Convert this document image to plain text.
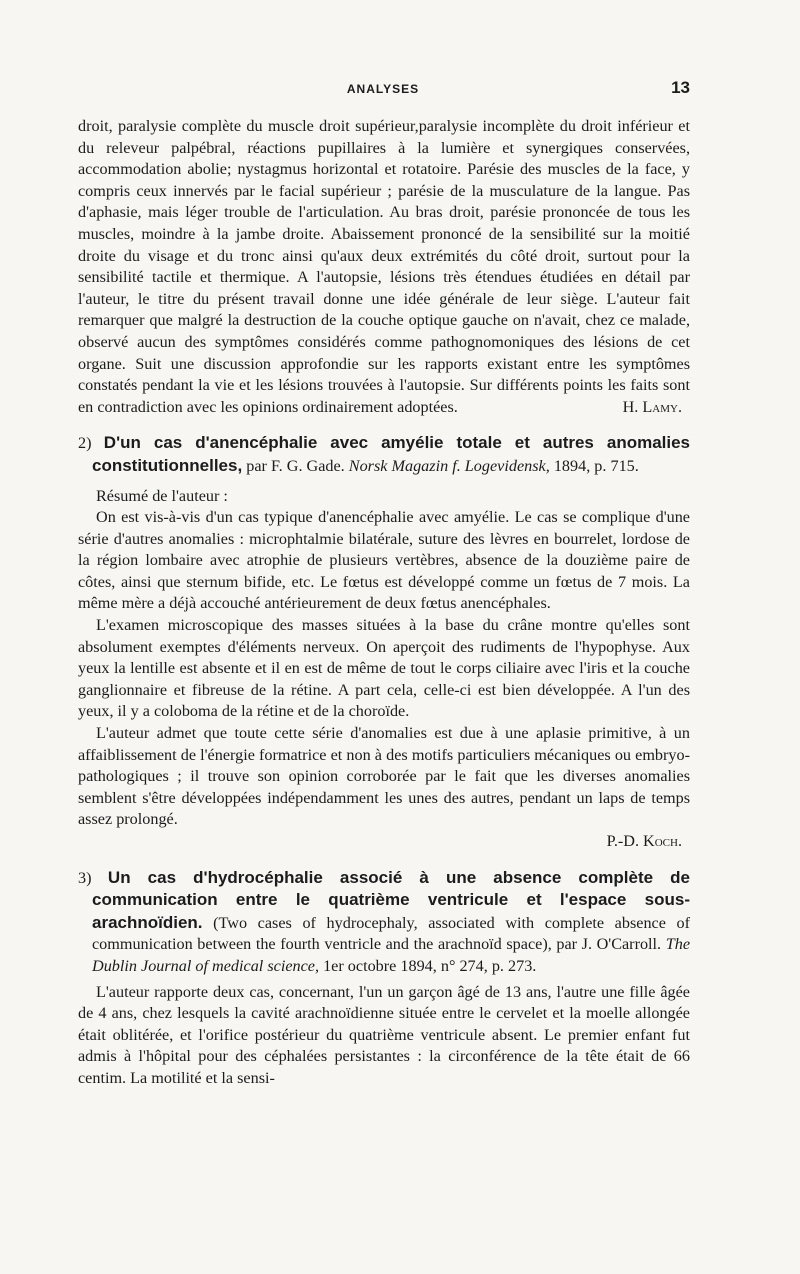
ANALYSES	13

droit, paralysie complète du muscle droit supérieur,paralysie incomplète du droit inférieur et du releveur palpébral, réactions pupillaires à la lumière et synergiques conservées, accommodation abolie; nystagmus horizontal et rotatoire. Parésie des muscles de la face, y compris ceux innervés par le facial supérieur ; parésie de la musculature de la langue. Pas d'aphasie, mais léger trouble de l'articulation. Au bras droit, parésie prononcée de tous les muscles, moindre à la jambe droite. Abaissement prononcé de la sensibilité sur la moitié droite du visage et du tronc ainsi qu'aux deux extrémités du côté droit, surtout pour la sensibilité tactile et thermique. A l'autopsie, lésions très étendues étudiées en détail par l'auteur, le titre du présent travail donne une idée générale de leur siège. L'auteur fait remarquer que malgré la destruction de la couche optique gauche on n'avait, chez ce malade, observé aucun des symptômes considérés comme pathognomoniques des lésions de cet organe. Suit une discussion approfondie sur les rapports existant entre les symptômes constatés pendant la vie et les lésions trouvées à l'autopsie. Sur différents points les faits sont en contradiction avec les opinions ordinairement adoptées.	H. Lamy.

2) D'un cas d'anencéphalie avec amyélie totale et autres anomalies constitutionnelles, par F. G. Gade. Norsk Magazin f. Logevidensk, 1894, p. 715.

Résumé de l'auteur :

On est vis-à-vis d'un cas typique d'anencéphalie avec amyélie. Le cas se complique d'une série d'autres anomalies : microphtalmie bilatérale, suture des lèvres en bourrelet, lordose de la région lombaire avec atrophie de plusieurs vertèbres, absence de la douzième paire de côtes, ainsi que sternum bifide, etc. Le fœtus est développé comme un fœtus de 7 mois. La même mère a déjà accouché antérieurement de deux fœtus anencéphales.

L'examen microscopique des masses situées à la base du crâne montre qu'elles sont absolument exemptes d'éléments nerveux. On aperçoit des rudiments de l'hypophyse. Aux yeux la lentille est absente et il en est de même de tout le corps ciliaire avec l'iris et la couche ganglionnaire et fibreuse de la rétine. A part cela, celle-ci est bien développée. A l'un des yeux, il y a coloboma de la rétine et de la choroïde.

L'auteur admet que toute cette série d'anomalies est due à une aplasie primitive, à un affaiblissement de l'énergie formatrice et non à des motifs particuliers mécaniques ou embryo-pathologiques ; il trouve son opinion corroborée par le fait que les diverses anomalies semblent s'être développées indépendamment les unes des autres, pendant un laps de temps assez prolongé.

P.-D. Koch.

3) Un cas d'hydrocéphalie associé à une absence complète de communication entre le quatrième ventricule et l'espace sous-arachnoïdien. (Two cases of hydrocephaly, associated with complete absence of communication between the fourth ventricle and the arachnoïd space), par J. O'Carroll. The Dublin Journal of medical science, 1er octobre 1894, n° 274, p. 273.

L'auteur rapporte deux cas, concernant, l'un un garçon âgé de 13 ans, l'autre une fille âgée de 4 ans, chez lesquels la cavité arachnoïdienne située entre le cervelet et la moelle allongée était oblitérée, et l'orifice postérieur du quatrième ventricule absent. Le premier enfant fut admis à l'hôpital pour des céphalées persistantes : la circonférence de la tête était de 66 centim. La motilité et la sensi-
